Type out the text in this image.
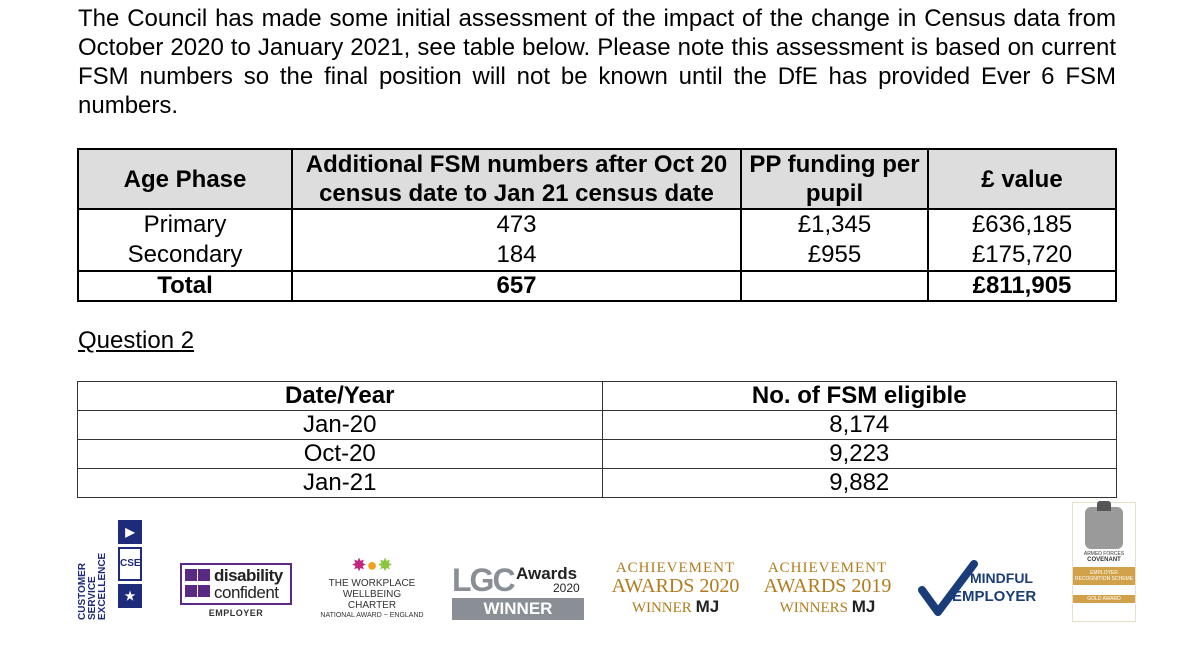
The Council has made some initial assessment of the impact of the change in Census data from October 2020 to January 2021, see table below. Please note this assessment is based on current FSM numbers so the final position will not be known until the DfE has provided Ever 6 FSM numbers.

Age Phase	Additional FSM numbers after Oct 20 census date to Jan 21 census date	PP funding per pupil	£ value
Primary	473	£1,345	£636,185
Secondary	184	£955	£175,720
Total	657		£811,905

Question 2

Date/Year	No. of FSM eligible
Jan-20	8,174
Oct-20	9,223
Jan-21	9,882
CUSTOMER SERVICE EXCELLENCE
▶
CSE
★
disability
confident
EMPLOYER
✸●✸
THE WORKPLACE
WELLBEING CHARTER
NATIONAL AWARD ~ ENGLAND
LGC Awards
2020
WINNER
ACHIEVEMENT
AWARDS 2020
WINNER MJ
ACHIEVEMENT
AWARDS 2019
WINNERS MJ
MINDFUL
EMPLOYER
ARMED FORCES
COVENANT
EMPLOYER RECOGNITION SCHEME
GOLD AWARD
